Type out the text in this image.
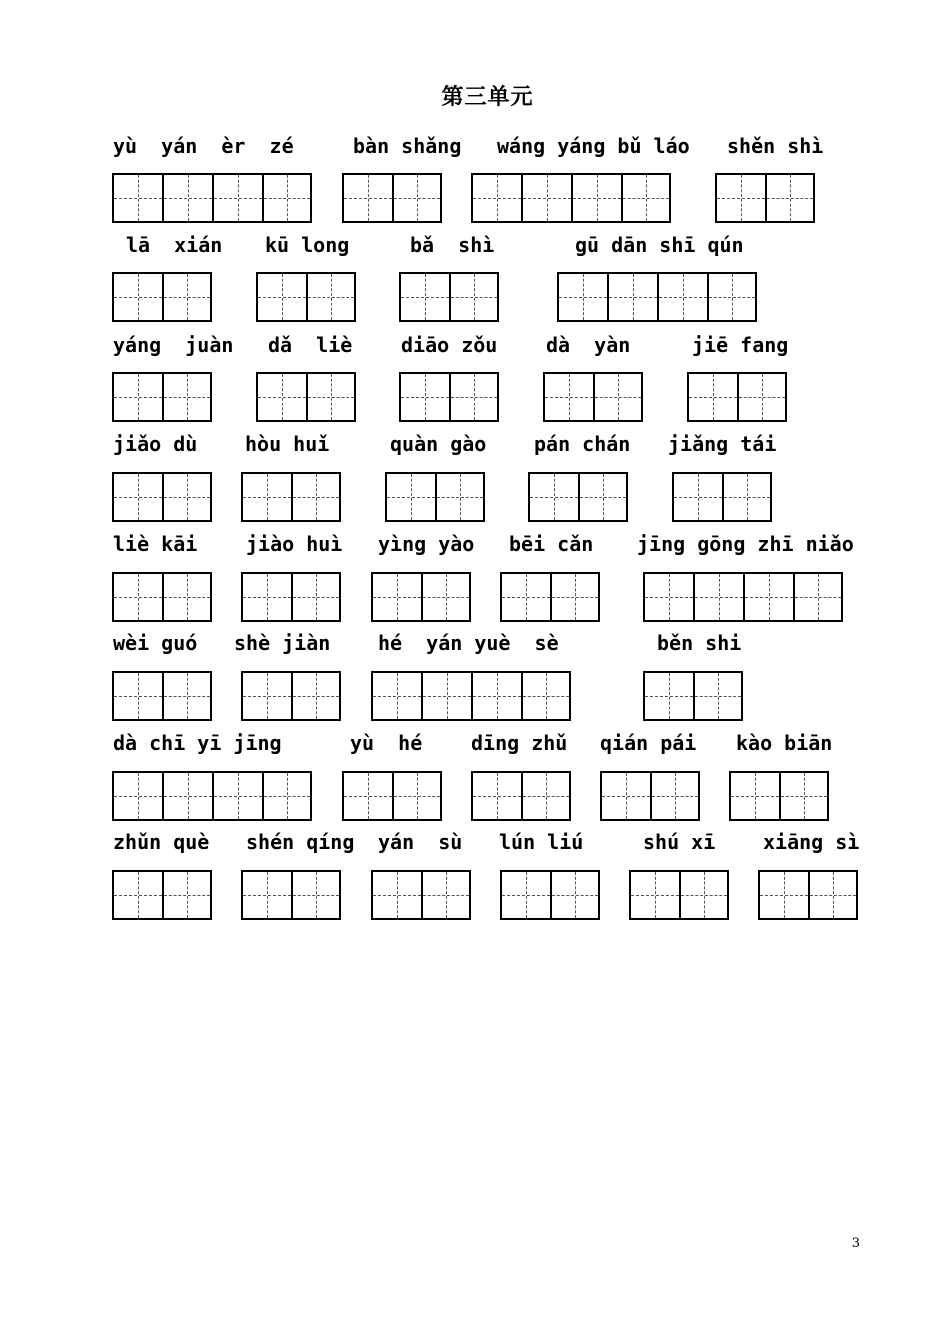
第三单元
yù  yán  èr  zé	bàn shǎng wáng yáng bǔ láo shěn shì
lā  xián kū long	bǎ  shì	gū dān shī qún
yáng  juàn dǎ  liè diāo zǒu dà  yàn	jiē fang
jiǎo dù hòu huǐ	quàn gào pán chán jiǎng tái
liè kāi jiào huì yìng yào bēi cǎn jīng gōng zhī niǎo
wèi guó shè jiàn hé  yán yuè  sè	běn shi
dà chī yī jīng	yù  hé dīng zhǔ qián pái kào biān
zhǔn què shén qíng yán  sù lún liú	shú xī xiāng sì
3
